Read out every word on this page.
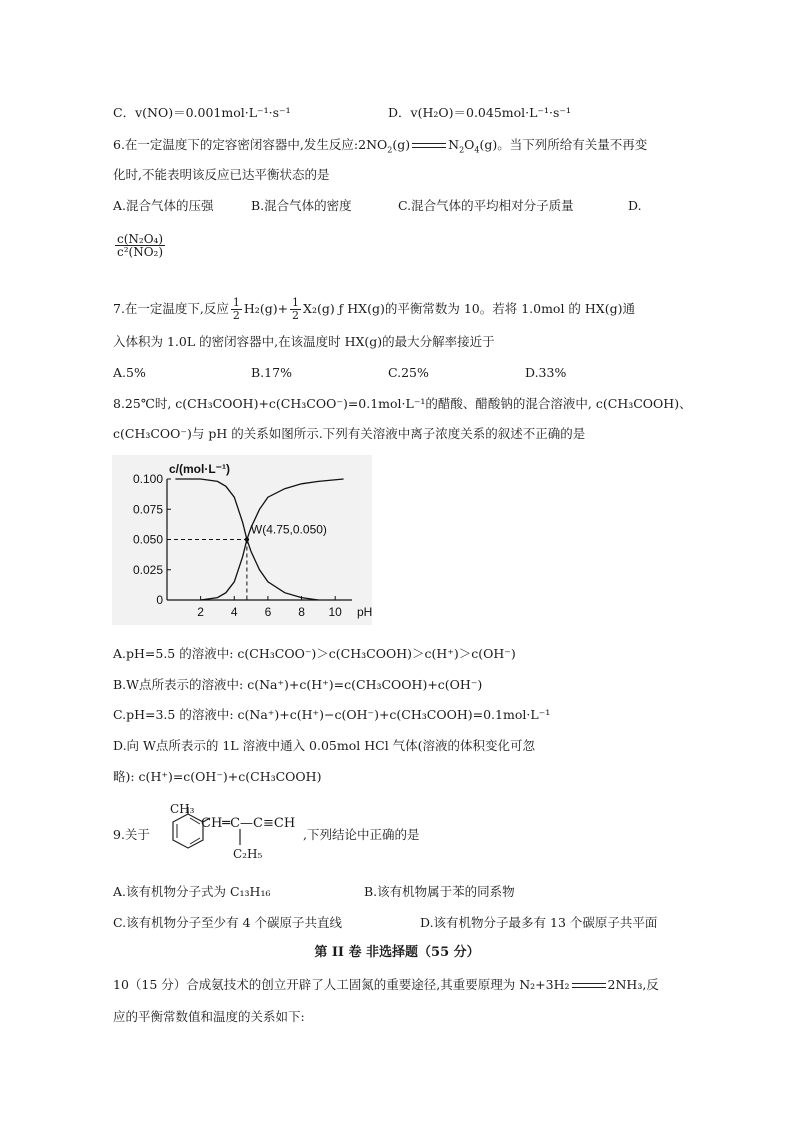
C．v(NO)＝0.001mol·L⁻¹·s⁻¹	D．v(H₂O)＝0.045mol·L⁻¹·s⁻¹
6.在一定温度下的定容密闭容器中,发生反应$:2NO_2(g)$	$N_2O_4(g)$。当下列所给有关量不再变
化时,不能表明该反应已达平衡状态的是
A.混合气体的压强	B.混合气体的密度	C.混合气体的平均相对分子质量	D.
$\frac{\text{c(N₂O₄)}}{\text{c²(NO₂)}}$
7.在一定温度下,反应 $\frac{1}{2} H_2(g)+ \frac{1}{2} X_2(g)$ ƒ HX(g)的平衡常数为 10。若将 1.0mol 的 HX(g)通
入体积为 1.0L 的密闭容器中,在该温度时 HX(g)的最大分解率接近于
A.5%	B.17%	C.25%	D.33%
8.25℃时, c(CH₃COOH)+c(CH₃COO⁻)=0.1mol·L⁻¹的醋酸、醋酸钠的混合溶液中, c(CH₃COOH)、
c(CH₃COO⁻)与 pH 的关系如图所示.下列有关溶液中离子浓度关系的叙述不正确的是
0
0.025
0.050
0.075
0.100
2 4 6 8 10 pH
c/(mol·L⁻¹)
W(4.75,0.050)
A.pH=5.5 的溶液中: c(CH₃COO⁻)＞c(CH₃COOH)＞c(H⁺)＞c(OH⁻)
B.W点所表示的溶液中: c(Na⁺)+c(H⁺)=c(CH₃COOH)+c(OH⁻)
C.pH=3.5 的溶液中: c(Na⁺)+c(H⁺)−c(OH⁻)+c(CH₃COOH)=0.1mol·L⁻¹
D.向 W点所表示的 1L 溶液中通入 0.05mol HCl 气体(溶液的体积变化可忽
略): c(H⁺)=c(OH⁻)+c(CH₃COOH)
9.关于
CH₃
CH═C—C≡CH
C₂H₅
,下列结论中正确的是
A.该有机物分子式为 C₁₃H₁₆	B.该有机物属于苯的同系物
C.该有机物分子至少有 4 个碳原子共直线	D.该有机物分子最多有 13 个碳原子共平面
第 II 卷 非选择题（55 分）
10（15 分）合成氨技术的创立开辟了人工固氮的重要途径,其重要原理为 N₂+3H₂	2NH₃,反
应的平衡常数值和温度的关系如下:
